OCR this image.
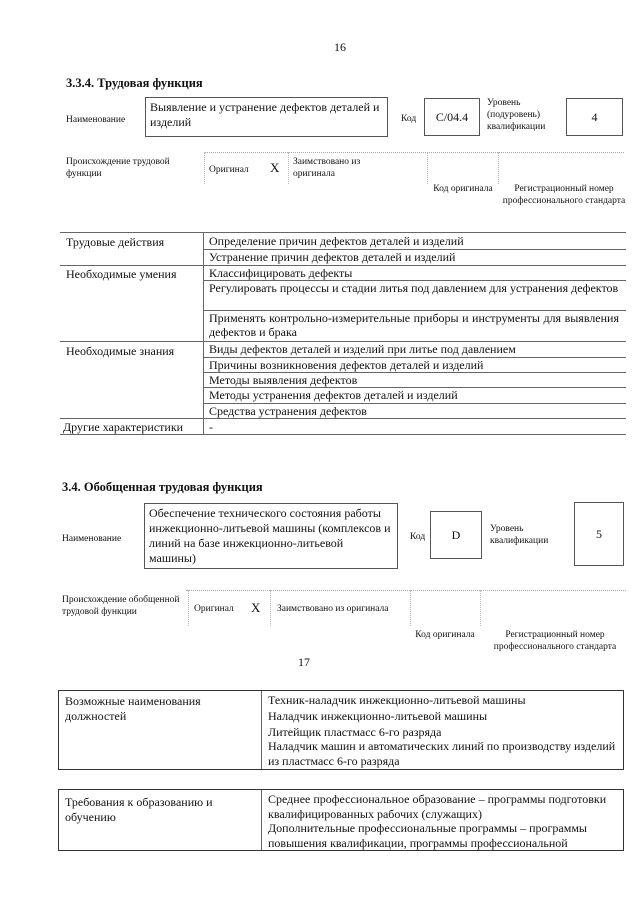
16
3.3.4. Трудовая функция
Наименование
Выявление и устранение дефектов деталей и изделий	Код C/04.4
Уровень (подуровень) квалификации
4
Происхождение трудовой функции	Оригинал X Заимствовано из оригинала
Код оригинала	Регистрационный номер профессионального стандарта
Трудовые действия	Определение причин дефектов деталей и изделий
Устранение причин дефектов деталей и изделий
Необходимые умения	Классифицировать дефекты
Регулировать процессы и стадии литья под давлением для устранения дефектов
Применять контрольно-измерительные приборы и инструменты для выявления дефектов и брака
Необходимые знания	Виды дефектов деталей и изделий при литье под давлением
Причины возникновения дефектов деталей и изделий
Методы выявления дефектов
Методы устранения дефектов деталей и изделий
Средства устранения дефектов
Другие характеристики -
3.4. Обобщенная трудовая функция
Наименование
Обеспечение технического состояния работы инжекционно-литьевой машины (комплексов и линий на базе инжекционно-литьевой машины)
Код D	Уровень квалификации
5
Происхождение обобщенной трудовой функции	Оригинал X Заимствовано из оригинала
Код оригинала	Регистрационный номер профессионального стандарта
17
Возможные наименования должностей
Техник-наладчик инжекционно-литьевой машины
Наладчик инжекционно-литьевой машины
Литейщик пластмасс 6-го разряда
Наладчик машин и автоматических линий по производству изделий из пластмасс 6-го разряда
Требования к образованию и обучению
Среднее профессиональное образование – программы подготовки квалифицированных рабочих (служащих)
Дополнительные профессиональные программы – программы повышения квалификации, программы профессиональной
